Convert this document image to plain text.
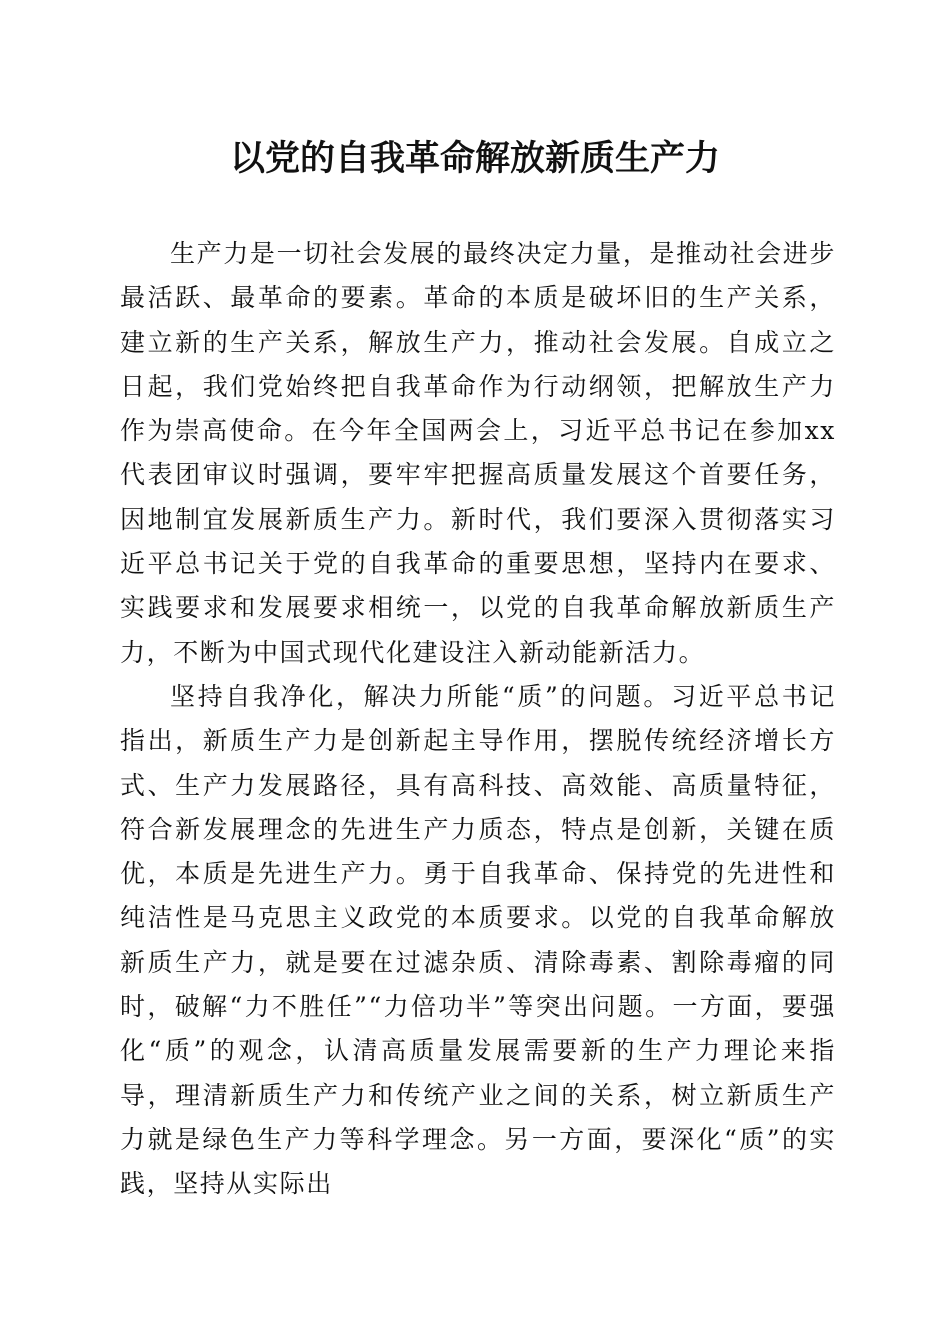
以党的自我革命解放新质生产力

生产力是一切社会发展的最终决定力量，是推动社会进步最活跃、最革命的要素。革命的本质是破坏旧的生产关系，建立新的生产关系，解放生产力，推动社会发展。自成立之日起，我们党始终把自我革命作为行动纲领，把解放生产力作为崇高使命。在今年全国两会上，习近平总书记在参加xx代表团审议时强调，要牢牢把握高质量发展这个首要任务，因地制宜发展新质生产力。新时代，我们要深入贯彻落实习近平总书记关于党的自我革命的重要思想，坚持内在要求、实践要求和发展要求相统一，以党的自我革命解放新质生产力，不断为中国式现代化建设注入新动能新活力。

坚持自我净化，解决力所能“质”的问题。习近平总书记指出，新质生产力是创新起主导作用，摆脱传统经济增长方式、生产力发展路径，具有高科技、高效能、高质量特征，符合新发展理念的先进生产力质态，特点是创新，关键在质优，本质是先进生产力。勇于自我革命、保持党的先进性和纯洁性是马克思主义政党的本质要求。以党的自我革命解放新质生产力，就是要在过滤杂质、清除毒素、割除毒瘤的同时，破解“力不胜任”“力倍功半”等突出问题。一方面，要强化“质”的观念，认清高质量发展需要新的生产力理论来指导，理清新质生产力和传统产业之间的关系，树立新质生产力就是绿色生产力等科学理念。另一方面，要深化“质”的实践，坚持从实际出
